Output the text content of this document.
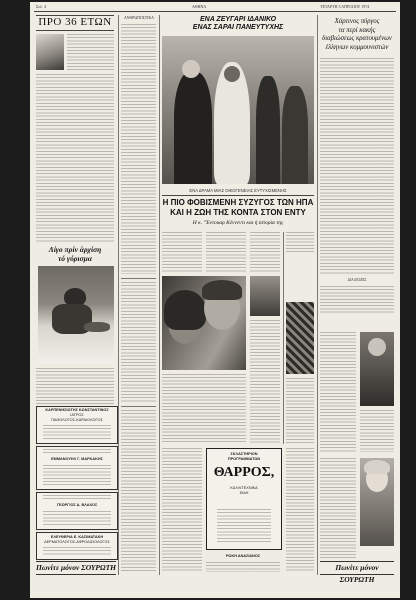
Σελ. 4	ΑΘΗΝΑ	ΤΕΤΑΡΤΗ 3 ΑΠΡΙΛΙΟΥ 1974
ΠΡΟ 36 ΕΤΩΝ
Λίγο πρίν άρχίση
τό γύρισμα
ΚΑΡΠΕΝΗΣΙΩΤΗΣ ΚΩΝΣΤΑΝΤΙΝΟΣ
ΙΑΤΡΟΣ
ΠΑΘΟΛΟΓΟΣ-ΚΑΡΔΙΟΛΟΓΟΣ
ΕΜΜΑΝΟΥΗΛ Γ. ΜΑΡΚΑΚΗΣ
ΓΕΩΡΓΙΟΣ Δ. ΒΛΑΧΟΣ
ΕΛΕΥΘΕΡΙΑ Ε. ΚΑΣΙΜΑΤΑΚΗ
ΔΕΡΜΑΤΟΛΟΓΟΣ-ΑΦΡΟΔΙΣΙΟΛΟΓΟΣ
Πωνίτε μόνον ΣΟΥΡΩΤΗ
ΑΝΘΡΩΠΟΣΤΙΚΑ	ΕΝΑ ΖΕΥΓΑΡΙ ΙΔΑΝΙΚΟ
ΕΝΑΣ ΣΑΡΑΙ ΠΑΝΕΥΤΥΧΗΣ
ΕΝΑ ΔΡΑΜΑ ΜΙΑΣ ΟΙΚΟΓΕΝΕΙΑΣ ΕΥΤΥΧΙΣΜΕΝΗΣ
Η ΠΙΟ ΦΟΒΙΣΜΕΝΗ ΣΥΖΥΓΟΣ ΤΩΝ ΗΠΑ
ΚΑΙ Η ΖΩΗ ΤΗΣ ΚΟΝΤΑ ΣΤΟΝ ΕΝΤΥ
Η κ. "Έντουαρ Κέννεντι και ή ίστορία της
ΣΚΛΑΣΤΗΡΙΟΝ
ΠΡΟΓΡΑΜΜΑΤΩΝ
ΘΑΡΡΟΣ,
ΚΑΛΛΙΤΕΧΝΙΚΑ
ΕΙΔΗ
ΡΩΚΗ ΑΝΑΣΙΑΝΟΣ
Χάρτινος πύργος
τα περί κακής
διαβιώσεως κρατουμένων
έλληνων κομμουνιστών
ΔΙΑΛΕΞΕΙΣ
Πωνίτε μόνον ΣΟΥΡΩΤΗ
